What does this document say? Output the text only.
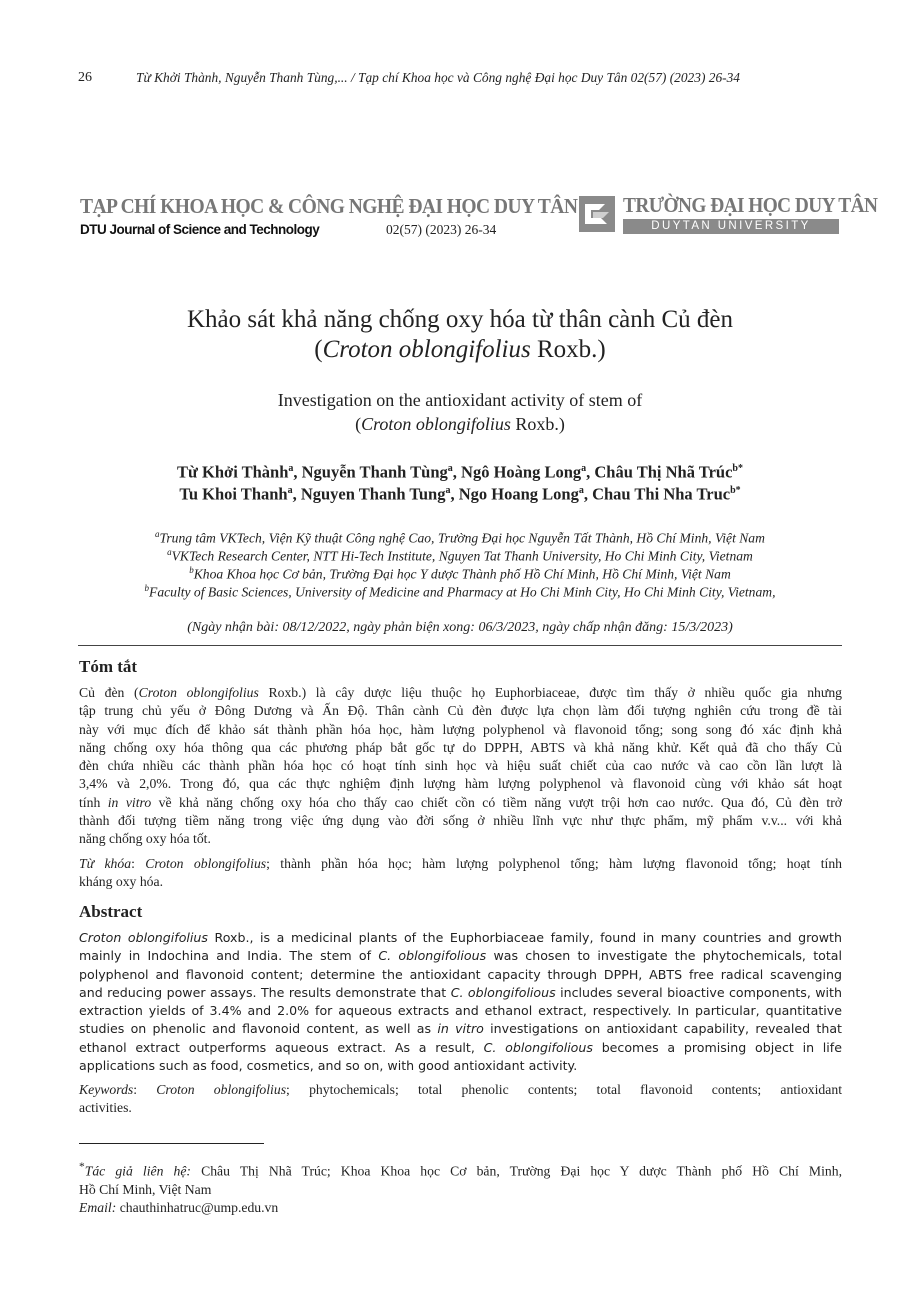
26	Từ Khởi Thành, Nguyễn Thanh Tùng,... / Tạp chí Khoa học và Công nghệ Đại học Duy Tân 02(57) (2023) 26-34
TẠP CHÍ KHOA HỌC & CÔNG NGHỆ ĐẠI HỌC DUY TÂN
DTU Journal of Science and Technology	02(57) (2023) 26-34
TRƯỜNG ĐẠI HỌC DUY TÂN
DUYTAN UNIVERSITY
Khảo sát khả năng chống oxy hóa từ thân cành Củ đèn
(Croton oblongifolius Roxb.)
Investigation on the antioxidant activity of stem of
(Croton oblongifolius Roxb.)
Từ Khởi Thành$^a$, Nguyễn Thanh Tùng$^a$, Ngô Hoàng Long$^a$, Châu Thị Nhã Trúc$^{b*}$
Tu Khoi Thanh$^a$, Nguyen Thanh Tung$^a$, Ngo Hoang Long$^a$, Chau Thi Nha Truc$^{b*}$
$^a$Trung tâm VKTech, Viện Kỹ thuật Công nghệ Cao, Trường Đại học Nguyễn Tất Thành, Hồ Chí Minh, Việt Nam
$^a$VKTech Research Center, NTT Hi-Tech Institute, Nguyen Tat Thanh University, Ho Chi Minh City, Vietnam
$^b$Khoa Khoa học Cơ bản, Trường Đại học Y dược Thành phố Hồ Chí Minh, Hồ Chí Minh, Việt Nam
$^b$Faculty of Basic Sciences, University of Medicine and Pharmacy at Ho Chi Minh City, Ho Chi Minh City, Vietnam,
(Ngày nhận bài: 08/12/2022, ngày phản biện xong: 06/3/2023, ngày chấp nhận đăng: 15/3/2023)
Tóm tắt
Củ đèn (Croton oblongifolius Roxb.) là cây dược liệu thuộc họ Euphorbiaceae, được tìm thấy ở nhiều quốc gia nhưng
tập trung chủ yếu ở Đông Dương và Ấn Độ. Thân cành Củ đèn được lựa chọn làm đối tượng nghiên cứu trong đề tài
này với mục đích để khảo sát thành phần hóa học, hàm lượng polyphenol và flavonoid tổng; song song đó xác định khả
năng chống oxy hóa thông qua các phương pháp bắt gốc tự do DPPH, ABTS và khả năng khử. Kết quả đã cho thấy Củ
đèn chứa nhiều các thành phần hóa học có hoạt tính sinh học và hiệu suất chiết của cao nước và cao cồn lần lượt là
3,4% và 2,0%. Trong đó, qua các thực nghiệm định lượng hàm lượng polyphenol và flavonoid cùng với khảo sát hoạt
tính in vitro về khả năng chống oxy hóa cho thấy cao chiết cồn có tiềm năng vượt trội hơn cao nước. Qua đó, Củ đèn trở
thành đối tượng tiềm năng trong việc ứng dụng vào đời sống ở nhiều lĩnh vực như thực phẩm, mỹ phẩm v.v... với khả
năng chống oxy hóa tốt.
Từ khóa: Croton oblongifolius; thành phần hóa học; hàm lượng polyphenol tổng; hàm lượng flavonoid tổng; hoạt tính
kháng oxy hóa.
Abstract
Croton oblongifolius Roxb., is a medicinal plants of the Euphorbiaceae family, found in many countries and growth
mainly in Indochina and India. The stem of C. oblongifolious was chosen to investigate the phytochemicals, total
polyphenol and flavonoid content; determine the antioxidant capacity through DPPH, ABTS free radical scavenging
and reducing power assays. The results demonstrate that C. oblongifolious includes several bioactive components, with
extraction yields of 3.4% and 2.0% for aqueous extracts and ethanol extract, respectively. In particular, quantitative
studies on phenolic and flavonoid content, as well as in vitro investigations on antioxidant capability, revealed that
ethanol extract outperforms aqueous extract. As a result, C. oblongifolious becomes a promising object in life
applications such as food, cosmetics, and so on, with good antioxidant activity.
Keywords: Croton oblongifolius; phytochemicals; total phenolic contents; total flavonoid contents; antioxidant
activities.
*Tác giả liên hệ: Châu Thị Nhã Trúc; Khoa Khoa học Cơ bản, Trường Đại học Y dược Thành phố Hồ Chí Minh,
Hồ Chí Minh, Việt Nam
Email: chauthinhatruc@ump.edu.vn
